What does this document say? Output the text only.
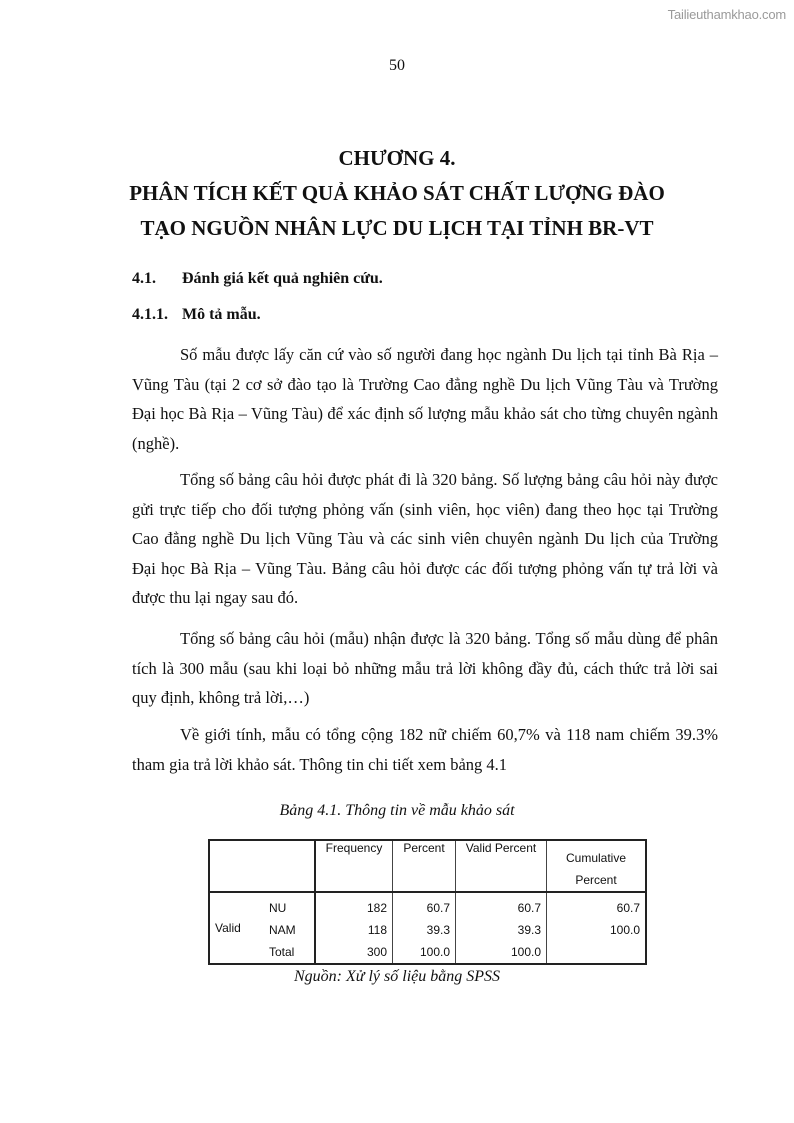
Tailieuthamkhao.com
50
CHƯƠNG 4.
PHÂN TÍCH KẾT QUẢ KHẢO SÁT CHẤT LƯỢNG ĐÀO
TẠO NGUỒN NHÂN LỰC DU LỊCH TẠI TỈNH BR-VT
4.1. Đánh giá kết quả nghiên cứu.
4.1.1. Mô tả mẫu.

Số mẫu được lấy căn cứ vào số người đang học ngành Du lịch tại tỉnh Bà Rịa – Vũng Tàu (tại 2 cơ sở đào tạo là Trường Cao đẳng nghề Du lịch Vũng Tàu và Trường Đại học Bà Rịa – Vũng Tàu) để xác định số lượng mẫu khảo sát cho từng chuyên ngành (nghề).

Tổng số bảng câu hỏi được phát đi là 320 bảng. Số lượng bảng câu hỏi này được gửi trực tiếp cho đối tượng phỏng vấn (sinh viên, học viên) đang theo học tại Trường Cao đẳng nghề Du lịch Vũng Tàu và các sinh viên chuyên ngành Du lịch của Trường Đại học Bà Rịa – Vũng Tàu. Bảng câu hỏi được các đối tượng phỏng vấn tự trả lời và được thu lại ngay sau đó.

Tổng số bảng câu hỏi (mẫu) nhận được là 320 bảng. Tổng số mẫu dùng để phân tích là 300 mẫu (sau khi loại bỏ những mẫu trả lời không đầy đủ, cách thức trả lời sai quy định, không trả lời,…)

Về giới tính, mẫu có tổng cộng 182 nữ chiếm 60,7% và 118 nam chiếm 39.3% tham gia trả lời khảo sát. Thông tin chi tiết xem bảng 4.1

Bảng 4.1. Thông tin về mẫu khảo sát
		Frequency	Percent	Valid Percent	Cumulative Percent
Valid	NU	182	60.7	60.7	60.7
	NAM	118	39.3	39.3	100.0
	Total	300	100.0	100.0	
Nguồn: Xử lý số liệu bằng SPSS
